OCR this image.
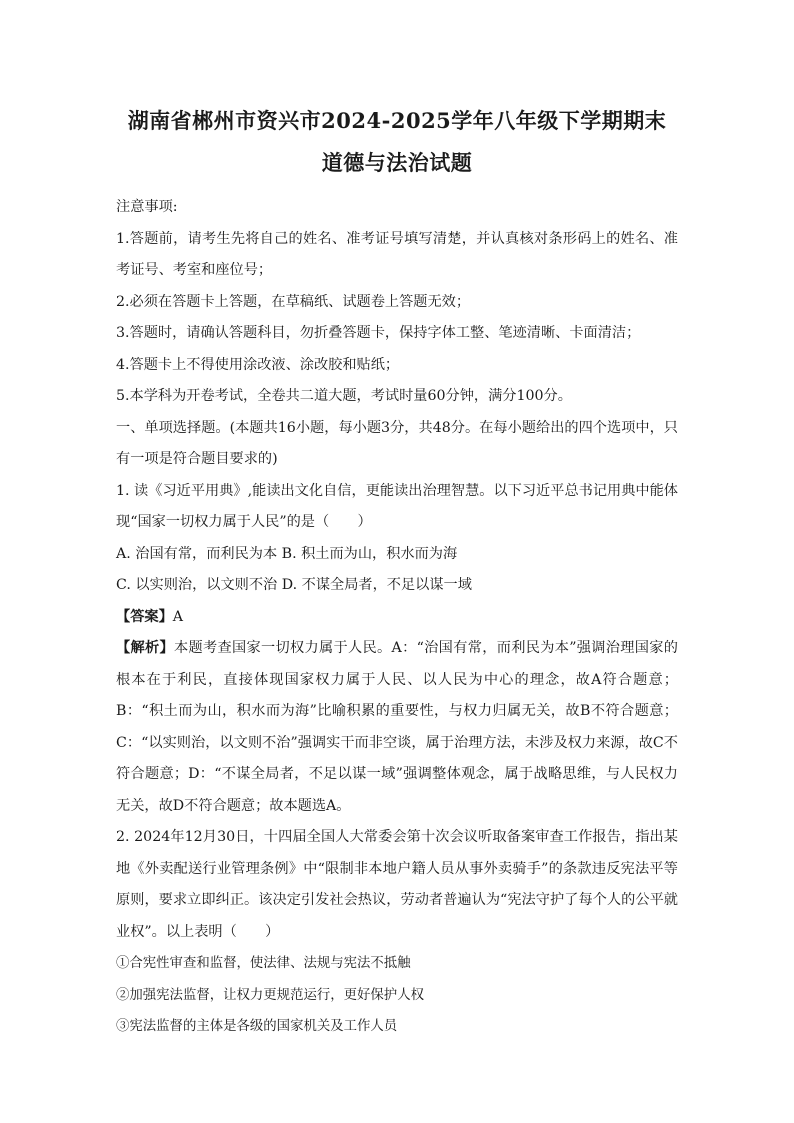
湖南省郴州市资兴市2024-2025学年八年级下学期期末
道德与法治试题

注意事项:

1.答题前，请考生先将自己的姓名、准考证号填写清楚，并认真核对条形码上的姓名、准考证号、考室和座位号；

2.必须在答题卡上答题，在草稿纸、试题卷上答题无效；

3.答题时，请确认答题科目，勿折叠答题卡，保持字体工整、笔迹清晰、卡面清洁；

4.答题卡上不得使用涂改液、涂改胶和贴纸；

5.本学科为开卷考试，全卷共二道大题，考试时量60分钟，满分100分。

一、单项选择题。(本题共16小题，每小题3分，共48分。在每小题给出的四个选项中，只有一项是符合题目要求的)

1. 读《习近平用典》,能读出文化自信，更能读出治理智慧。以下习近平总书记用典中能体现“国家一切权力属于人民”的是（　　）

A. 治国有常，而利民为本 B. 积土而为山，积水而为海

C. 以实则治，以文则不治 D. 不谋全局者，不足以谋一域

【答案】A

【解析】本题考查国家一切权力属于人民。A：“治国有常，而利民为本”强调治理国家的根本在于利民，直接体现国家权力属于人民、以人民为中心的理念，故A符合题意；B：“积土而为山，积水而为海”比喻积累的重要性，与权力归属无关，故B不符合题意；C：“以实则治，以文则不治”强调实干而非空谈，属于治理方法，未涉及权力来源，故C不符合题意；D：“不谋全局者，不足以谋一域”强调整体观念，属于战略思维，与人民权力无关，故D不符合题意；故本题选A。

2. 2024年12月30日，十四届全国人大常委会第十次会议听取备案审查工作报告，指出某地《外卖配送行业管理条例》中“限制非本地户籍人员从事外卖骑手”的条款违反宪法平等原则，要求立即纠正。该决定引发社会热议，劳动者普遍认为“宪法守护了每个人的公平就业权”。以上表明（　　）

①合宪性审查和监督，使法律、法规与宪法不抵触

②加强宪法监督，让权力更规范运行，更好保护人权

③宪法监督的主体是各级的国家机关及工作人员
